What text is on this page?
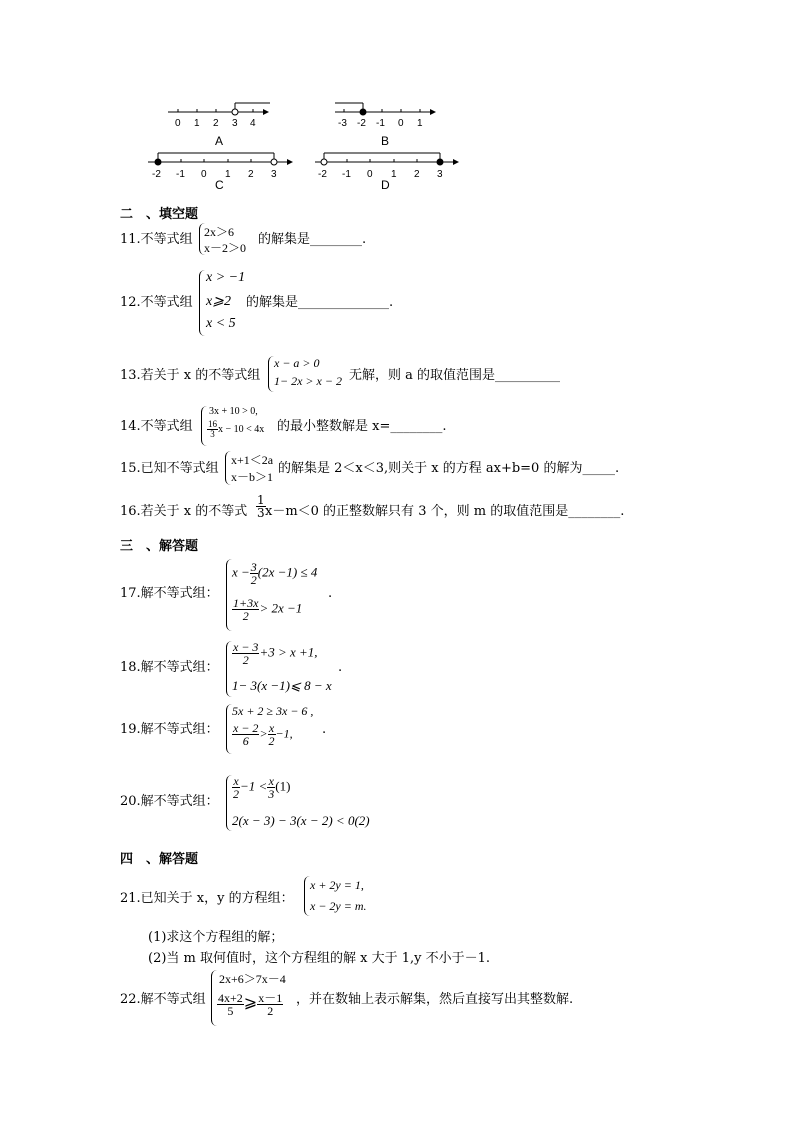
0 1 2 3 4
A
-3 -2 -1 0 1
B
-2 -1 0 1 2 3
C
-2 -1 0 1 2 3
D
二　、填空题
11.不等式组 2x＞6
x－2＞0
的解集是________.
12.不等式组
x > −1
x⩾2
x < 5
的解集是______________.
13.若关于 x 的不等式组
x − a > 0
1− 2x > x − 2 无解，则 a 的取值范围是__________
14.不等式组
3x + 10 > 0,
$\frac{16}{3}$ x − 10 < 4x 的最小整数解是 x=________.
15.已知不等式组
x+1＜2a
x－b＞1
的解集是 2＜x＜3,则关于 x 的方程 ax+b=0 的解为_____.
16.若关于 x 的不等式 $\frac{1}{3} x-m<0$ 的正整数解只有 3 个，则 m 的取值范围是________.
三　、解答题
17.解不等式组：
$x - \frac{3}{2} (2x -1) \le 4$
$\frac{1+3x}{2} > 2x -1$
.
18.解不等式组：
$\frac{x - 3}{2} +3 > x +1$,
1− 3(x −1)⩽ 8 − x
.
19.解不等式组：
5x + 2 ≥ 3x − 6 ,
$\frac{x - 2}{6} > \frac{x}{2} -1$, .
20.解不等式组：
$\frac{x}{2} -1 < \frac{x}{3} (1)$
2(x − 3) − 3(x − 2) < 0(2)
四　、解答题
21.已知关于 x，y 的方程组：
x + 2y = 1,
x − 2y = m.
(1)求这个方程组的解；
(2)当 m 取何值时，这个方程组的解 x 大于 1,y 不小于－1.
22.解不等式组
2x+6＞7x－4
$\frac{4x+2}{5}$ ⩾ $\frac{x-1}{2}$ ，并在数轴上表示解集，然后直接写出其整数解.
